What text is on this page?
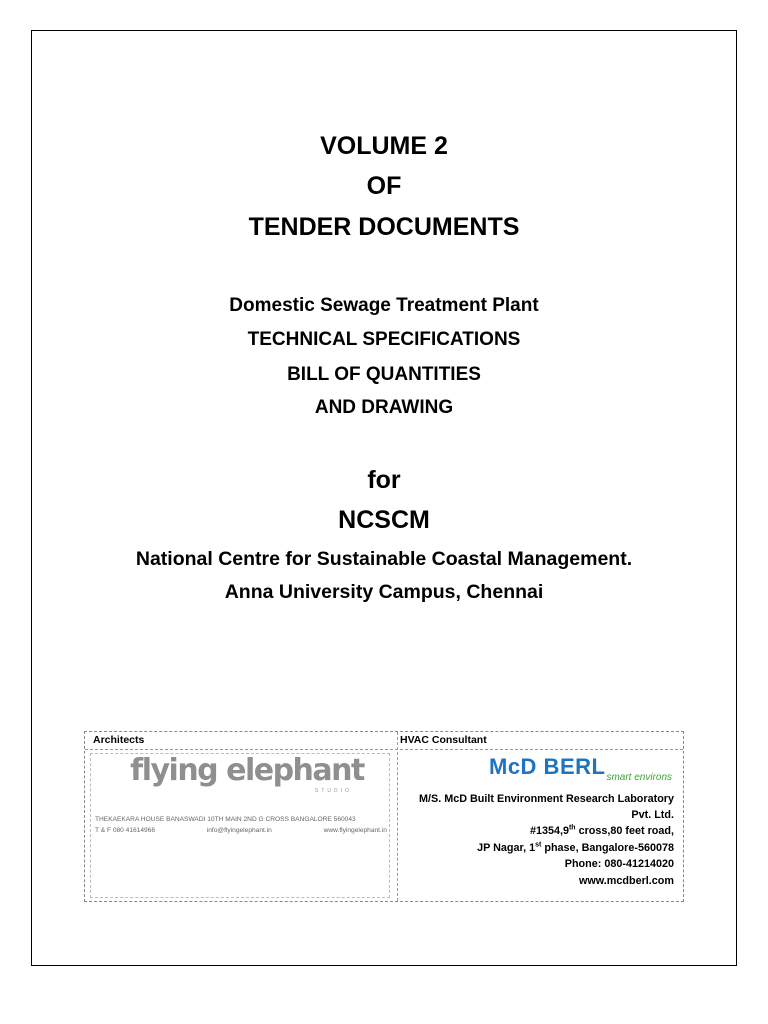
VOLUME 2
OF
TENDER DOCUMENTS
Domestic Sewage Treatment Plant
TECHNICAL SPECIFICATIONS
BILL OF QUANTITIES
AND DRAWING
for
NCSCM
National Centre for Sustainable Coastal Management.
Anna University Campus, Chennai
Architects	HVAC Consultant
flying elephant
STUDIO
THEKAEKARA HOUSE BANASWADI 10TH MAIN 2ND G CROSS BANGALORE 560043
T & F 080 41614966	info@flyingelephant.in	www.flyingelephant.in
McD $BERL_{smart environs}$
M/S. McD Built Environment Research Laboratory
Pvt. Ltd.
#1354,9th cross,80 feet road,
JP Nagar, 1st phase, Bangalore-560078
Phone: 080-41214020
www.mcdberl.com
